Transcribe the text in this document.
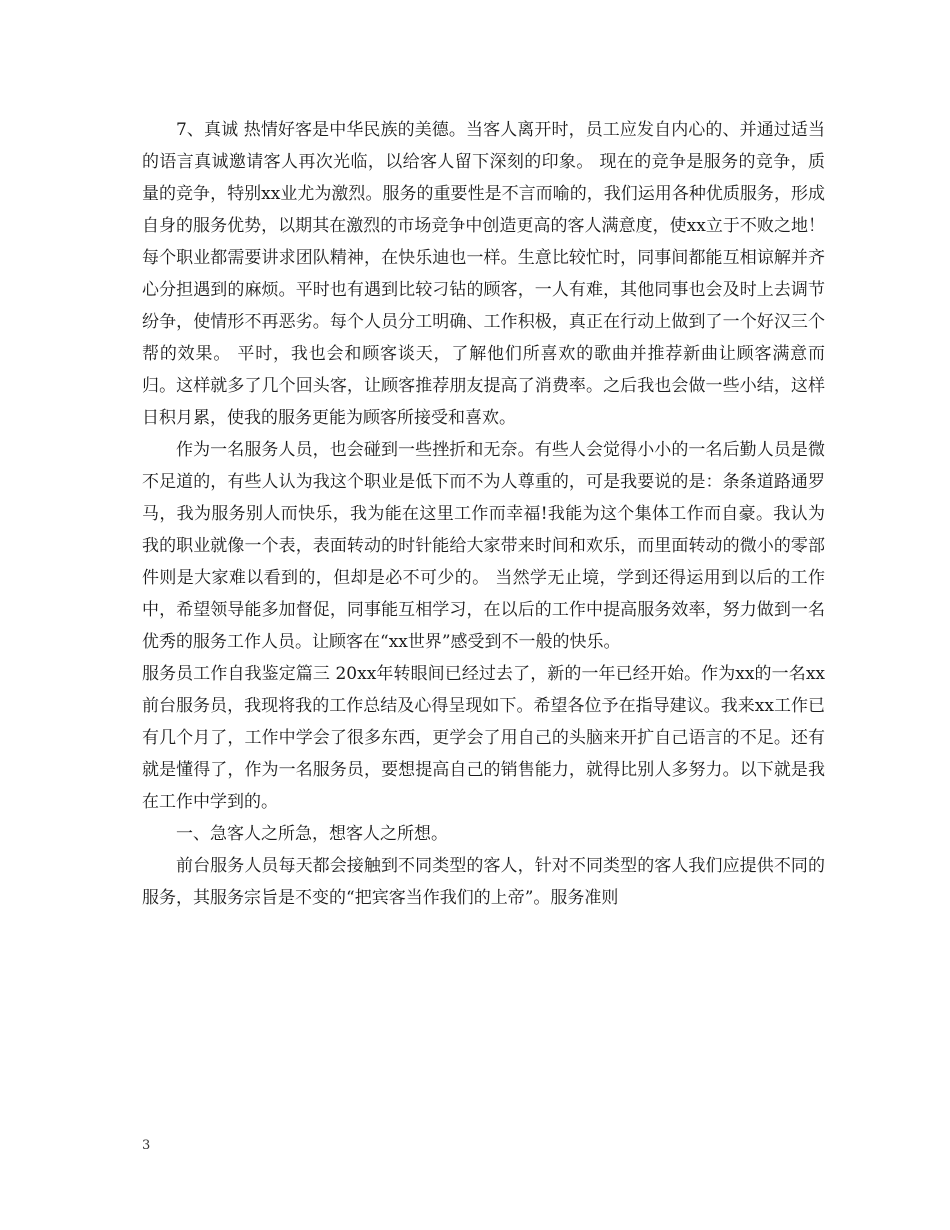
7、真诚 热情好客是中华民族的美德。当客人离开时，员工应发自内心的、并通过适当的语言真诚邀请客人再次光临，以给客人留下深刻的印象。 现在的竞争是服务的竞争，质量的竞争，特别xx业尤为激烈。服务的重要性是不言而喻的，我们运用各种优质服务，形成自身的服务优势，以期其在激烈的市场竞争中创造更高的客人满意度，使xx立于不败之地！ 每个职业都需要讲求团队精神，在快乐迪也一样。生意比较忙时，同事间都能互相谅解并齐心分担遇到的麻烦。平时也有遇到比较刁钻的顾客，一人有难，其他同事也会及时上去调节纷争，使情形不再恶劣。每个人员分工明确、工作积极，真正在行动上做到了一个好汉三个帮的效果。 平时，我也会和顾客谈天，了解他们所喜欢的歌曲并推荐新曲让顾客满意而归。这样就多了几个回头客，让顾客推荐朋友提高了消费率。之后我也会做一些小结，这样日积月累，使我的服务更能为顾客所接受和喜欢。

作为一名服务人员，也会碰到一些挫折和无奈。有些人会觉得小小的一名后勤人员是微不足道的，有些人认为我这个职业是低下而不为人尊重的，可是我要说的是：条条道路通罗马，我为服务别人而快乐，我为能在这里工作而幸福!我能为这个集体工作而自豪。我认为我的职业就像一个表，表面转动的时针能给大家带来时间和欢乐，而里面转动的微小的零部件则是大家难以看到的，但却是必不可少的。 当然学无止境，学到还得运用到以后的工作中，希望领导能多加督促，同事能互相学习，在以后的工作中提高服务效率，努力做到一名优秀的服务工作人员。让顾客在“xx世界”感受到不一般的快乐。

服务员工作自我鉴定篇三 20xx年转眼间已经过去了，新的一年已经开始。作为xx的一名xx前台服务员，我现将我的工作总结及心得呈现如下。希望各位予在指导建议。我来xx工作已有几个月了，工作中学会了很多东西，更学会了用自己的头脑来开扩自己语言的不足。还有就是懂得了，作为一名服务员，要想提高自己的销售能力，就得比别人多努力。以下就是我在工作中学到的。

一、急客人之所急，想客人之所想。

前台服务人员每天都会接触到不同类型的客人，针对不同类型的客人我们应提供不同的服务，其服务宗旨是不变的“把宾客当作我们的上帝”。服务准则

3
